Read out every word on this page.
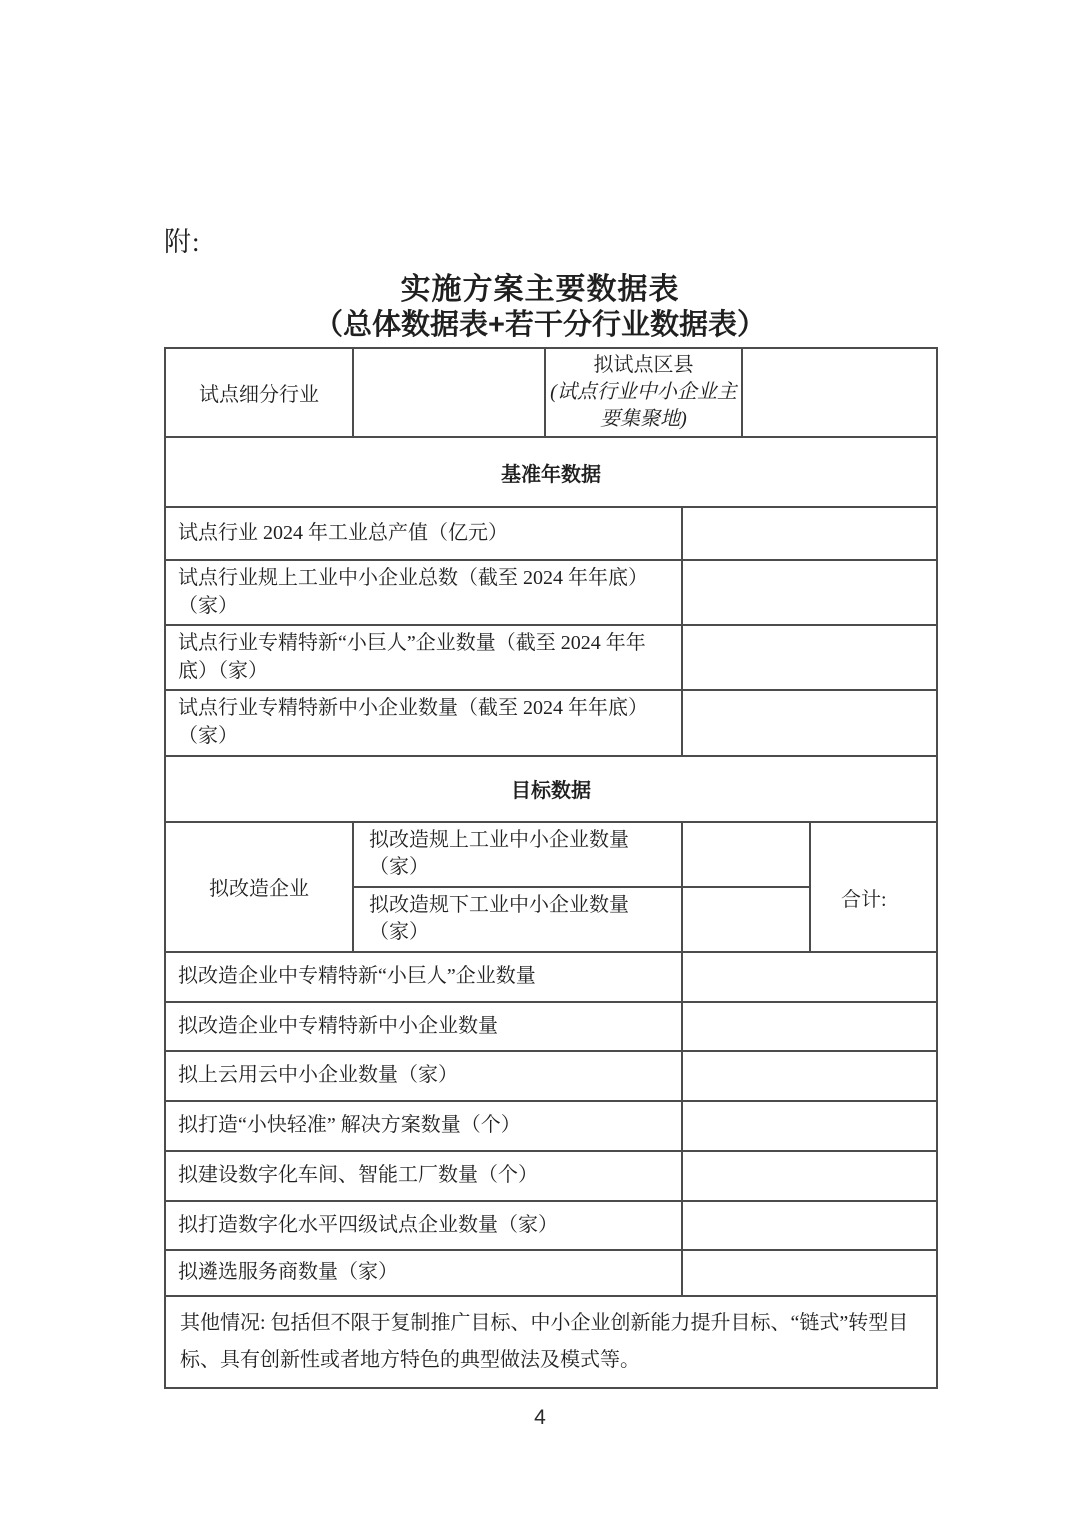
附:
实施方案主要数据表
（总体数据表+若干分行业数据表）
试点细分行业		拟试点区县
(试点行业中小企业主要集聚地)			

基准年数据					
试点行业 2024 年工业总产值（亿元）					
试点行业规上工业中小企业总数（截至 2024 年年底）（家）					
试点行业专精特新“小巨人”企业数量（截至 2024 年年底）（家）					
试点行业专精特新中小企业数量（截至 2024 年年底）（家）					
目标数据					
拟改造企业	拟改造规上工业中小企业数量（家）				合计:
	拟改造规下工业中小企业数量（家）				
拟改造企业中专精特新“小巨人”企业数量					
拟改造企业中专精特新中小企业数量					
拟上云用云中小企业数量（家）					
拟打造“小快轻准” 解决方案数量（个）					
拟建设数字化车间、智能工厂数量（个）					
拟打造数字化水平四级试点企业数量（家）					
拟遴选服务商数量（家）					
其他情况: 包括但不限于复制推广目标、中小企业创新能力提升目标、“链式”转型目标、具有创新性或者地方特色的典型做法及模式等。					
4
